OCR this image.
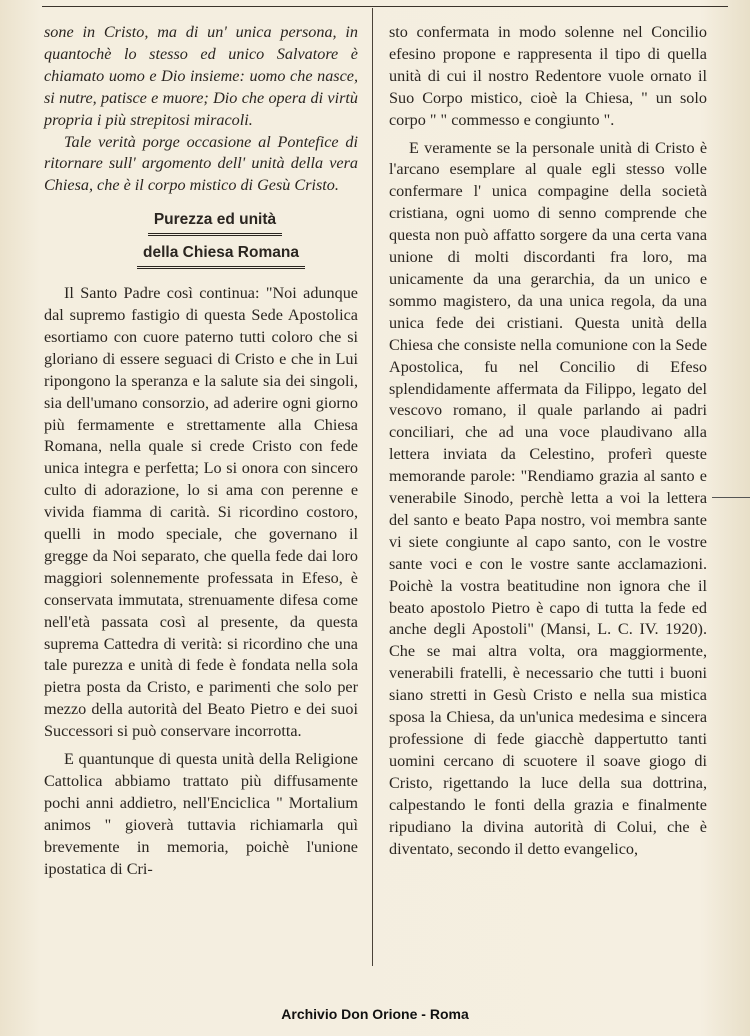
sone in Cristo, ma di un' unica persona, in quantochè lo stesso ed unico Salvatore è chiamato uomo e Dio insieme: uomo che nasce, si nutre, patisce e muore; Dio che opera di virtù propria i più strepitosi miracoli.

Tale verità porge occasione al Pontefice di ritornare sull' argomento dell' unità della vera Chiesa, che è il corpo mistico di Gesù Cristo.

Purezza ed unità
della Chiesa Romana

Il Santo Padre così continua: "Noi adunque dal supremo fastigio di questa Sede Apostolica esortiamo con cuore paterno tutti coloro che si gloriano di essere seguaci di Cristo e che in Lui ripongono la speranza e la salute sia dei singoli, sia dell'umano consorzio, ad aderire ogni giorno più fermamente e strettamente alla Chiesa Romana, nella quale si crede Cristo con fede unica integra e perfetta; Lo si onora con sincero culto di adorazione, lo si ama con perenne e vivida fiamma di carità. Si ricordino costoro, quelli in modo speciale, che governano il gregge da Noi separato, che quella fede dai loro maggiori solennemente professata in Efeso, è conservata immutata, strenuamente difesa come nell'età passata così al presente, da questa suprema Cattedra di verità: si ricordino che una tale purezza e unità di fede è fondata nella sola pietra posta da Cristo, e parimenti che solo per mezzo della autorità del Beato Pietro e dei suoi Successori si può conservare incorrotta.

E quantunque di questa unità della Religione Cattolica abbiamo trattato più diffusamente pochi anni addietro, nell'Enciclica " Mortalium animos " gioverà tuttavia richiamarla quì brevemente in memoria, poichè l'unione ipostatica di Cri-

sto confermata in modo solenne nel Concilio efesino propone e rappresenta il tipo di quella unità di cui il nostro Redentore vuole ornato il Suo Corpo mistico, cioè la Chiesa, " un solo corpo " " commesso e congiunto ".

E veramente se la personale unità di Cristo è l'arcano esemplare al quale egli stesso volle confermare l' unica compagine della società cristiana, ogni uomo di senno comprende che questa non può affatto sorgere da una certa vana unione di molti discordanti fra loro, ma unicamente da una gerarchia, da un unico e sommo magistero, da una unica regola, da una unica fede dei cristiani. Questa unità della Chiesa che consiste nella comunione con la Sede Apostolica, fu nel Concilio di Efeso splendidamente affermata da Filippo, legato del vescovo romano, il quale parlando ai padri conciliari, che ad una voce plaudivano alla lettera inviata da Celestino, proferì queste memorande parole: "Rendiamo grazia al santo e venerabile Sinodo, perchè letta a voi la lettera del santo e beato Papa nostro, voi membra sante vi siete congiunte al capo santo, con le vostre sante voci e con le vostre sante acclamazioni. Poichè la vostra beatitudine non ignora che il beato apostolo Pietro è capo di tutta la fede ed anche degli Apostoli" (Mansi, L. C. IV. 1920). Che se mai altra volta, ora maggiormente, venerabili fratelli, è necessario che tutti i buoni siano stretti in Gesù Cristo e nella sua mistica sposa la Chiesa, da un'unica medesima e sincera professione di fede giacchè dappertutto tanti uomini cercano di scuotere il soave giogo di Cristo, rigettando la luce della sua dottrina, calpestando le fonti della grazia e finalmente ripudiano la divina autorità di Colui, che è diventato, secondo il detto evangelico,

Archivio Don Orione - Roma
